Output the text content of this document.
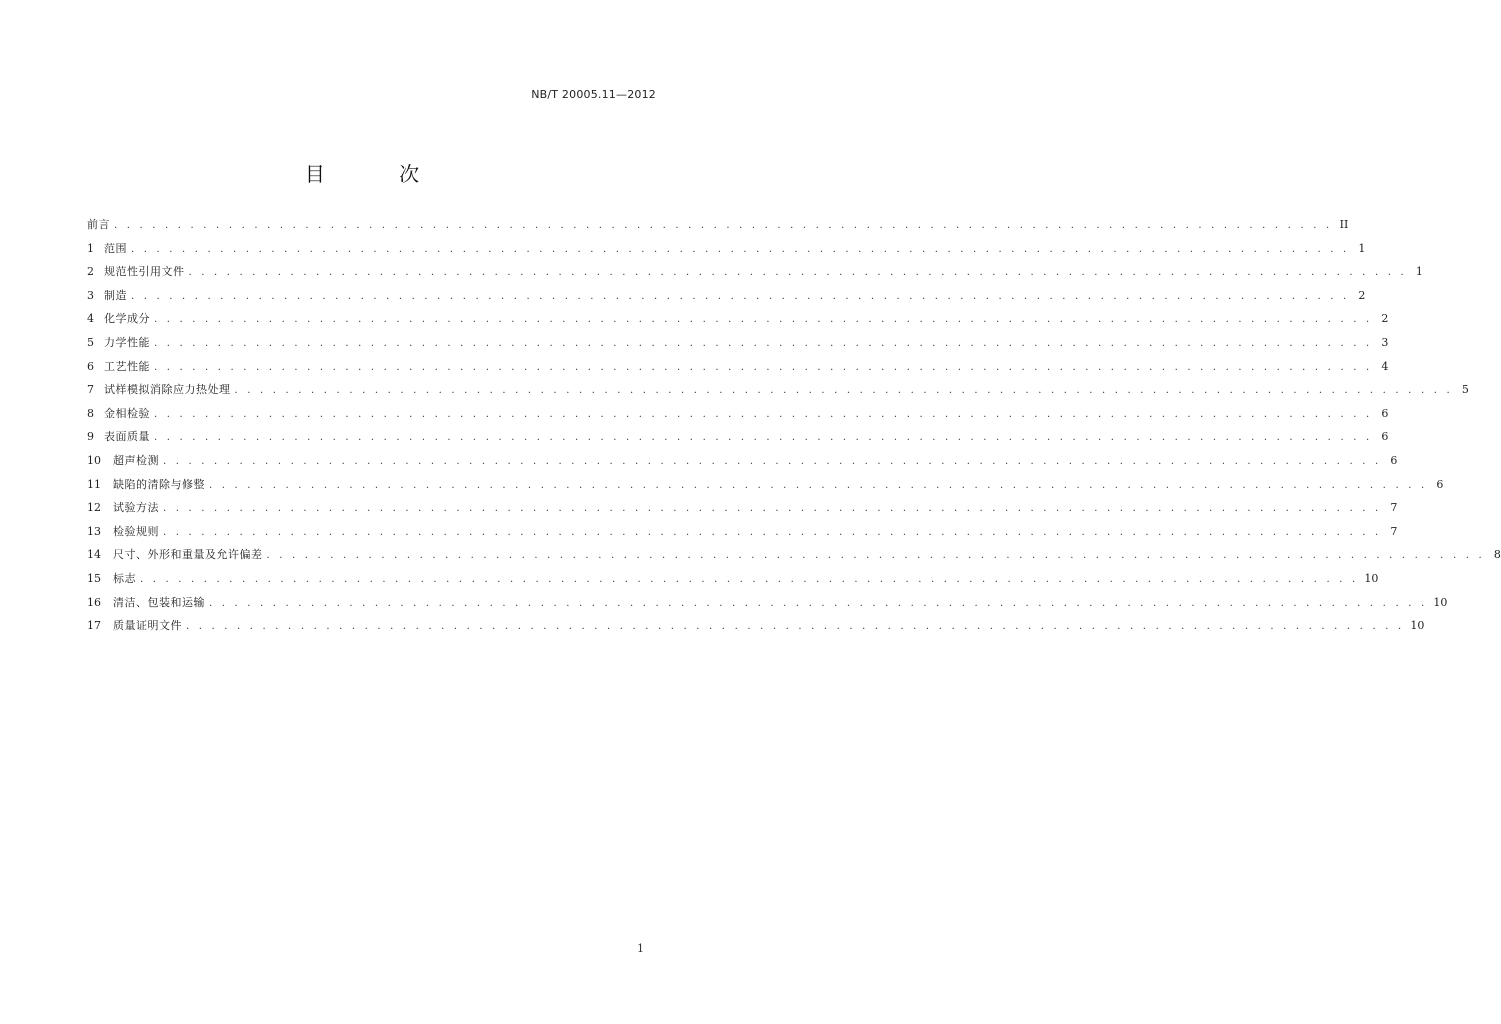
NB/T 20005.11—2012
目 次
前言 . . . . . . . . . . . . . . . . . . . . . . . . . . . . . . . . . . . . . . . . . . . . . . . . . . . . . . . . . . . . . . . . . . . . . . . . . . . . . . . . . . . . . . . . . . . . . . . . II
1 范围 . . . . . . . . . . . . . . . . . . . . . . . . . . . . . . . . . . . . . . . . . . . . . . . . . . . . . . . . . . . . . . . . . . . . . . . . . . . . . . . . . . . . . . . . . . . . . . . . 1
2 规范性引用文件 . . . . . . . . . . . . . . . . . . . . . . . . . . . . . . . . . . . . . . . . . . . . . . . . . . . . . . . . . . . . . . . . . . . . . . . . . . . . . . . . . . . . . . . . . . . . . . . . 1
3 制造 . . . . . . . . . . . . . . . . . . . . . . . . . . . . . . . . . . . . . . . . . . . . . . . . . . . . . . . . . . . . . . . . . . . . . . . . . . . . . . . . . . . . . . . . . . . . . . . . 2
4 化学成分 . . . . . . . . . . . . . . . . . . . . . . . . . . . . . . . . . . . . . . . . . . . . . . . . . . . . . . . . . . . . . . . . . . . . . . . . . . . . . . . . . . . . . . . . . . . . . . . . 2
5 力学性能 . . . . . . . . . . . . . . . . . . . . . . . . . . . . . . . . . . . . . . . . . . . . . . . . . . . . . . . . . . . . . . . . . . . . . . . . . . . . . . . . . . . . . . . . . . . . . . . . 3
6 工艺性能 . . . . . . . . . . . . . . . . . . . . . . . . . . . . . . . . . . . . . . . . . . . . . . . . . . . . . . . . . . . . . . . . . . . . . . . . . . . . . . . . . . . . . . . . . . . . . . . . 4
7 试样模拟消除应力热处理 . . . . . . . . . . . . . . . . . . . . . . . . . . . . . . . . . . . . . . . . . . . . . . . . . . . . . . . . . . . . . . . . . . . . . . . . . . . . . . . . . . . . . . . . . . . . . . . . 5
8 金相检验 . . . . . . . . . . . . . . . . . . . . . . . . . . . . . . . . . . . . . . . . . . . . . . . . . . . . . . . . . . . . . . . . . . . . . . . . . . . . . . . . . . . . . . . . . . . . . . . . 6
9 表面质量 . . . . . . . . . . . . . . . . . . . . . . . . . . . . . . . . . . . . . . . . . . . . . . . . . . . . . . . . . . . . . . . . . . . . . . . . . . . . . . . . . . . . . . . . . . . . . . . . 6
10	超声检测 . . . . . . . . . . . . . . . . . . . . . . . . . . . . . . . . . . . . . . . . . . . . . . . . . . . . . . . . . . . . . . . . . . . . . . . . . . . . . . . . . . . . . . . . . . . . . . . . 6
11	缺陷的清除与修整 . . . . . . . . . . . . . . . . . . . . . . . . . . . . . . . . . . . . . . . . . . . . . . . . . . . . . . . . . . . . . . . . . . . . . . . . . . . . . . . . . . . . . . . . . . . . . . . . 6
12	试验方法 . . . . . . . . . . . . . . . . . . . . . . . . . . . . . . . . . . . . . . . . . . . . . . . . . . . . . . . . . . . . . . . . . . . . . . . . . . . . . . . . . . . . . . . . . . . . . . . . 7
13	检验规则 . . . . . . . . . . . . . . . . . . . . . . . . . . . . . . . . . . . . . . . . . . . . . . . . . . . . . . . . . . . . . . . . . . . . . . . . . . . . . . . . . . . . . . . . . . . . . . . . 7
14	尺寸、外形和重量及允许偏差 . . . . . . . . . . . . . . . . . . . . . . . . . . . . . . . . . . . . . . . . . . . . . . . . . . . . . . . . . . . . . . . . . . . . . . . . . . . . . . . . . . . . . . . . . . . . . . . . 8
15	标志 . . . . . . . . . . . . . . . . . . . . . . . . . . . . . . . . . . . . . . . . . . . . . . . . . . . . . . . . . . . . . . . . . . . . . . . . . . . . . . . . . . . . . . . . . . . . . . . . 10
16	清洁、包装和运输 . . . . . . . . . . . . . . . . . . . . . . . . . . . . . . . . . . . . . . . . . . . . . . . . . . . . . . . . . . . . . . . . . . . . . . . . . . . . . . . . . . . . . . . . . . . . . . . . 10
17	质量证明文件 . . . . . . . . . . . . . . . . . . . . . . . . . . . . . . . . . . . . . . . . . . . . . . . . . . . . . . . . . . . . . . . . . . . . . . . . . . . . . . . . . . . . . . . . . . . . . . . . 10
1
